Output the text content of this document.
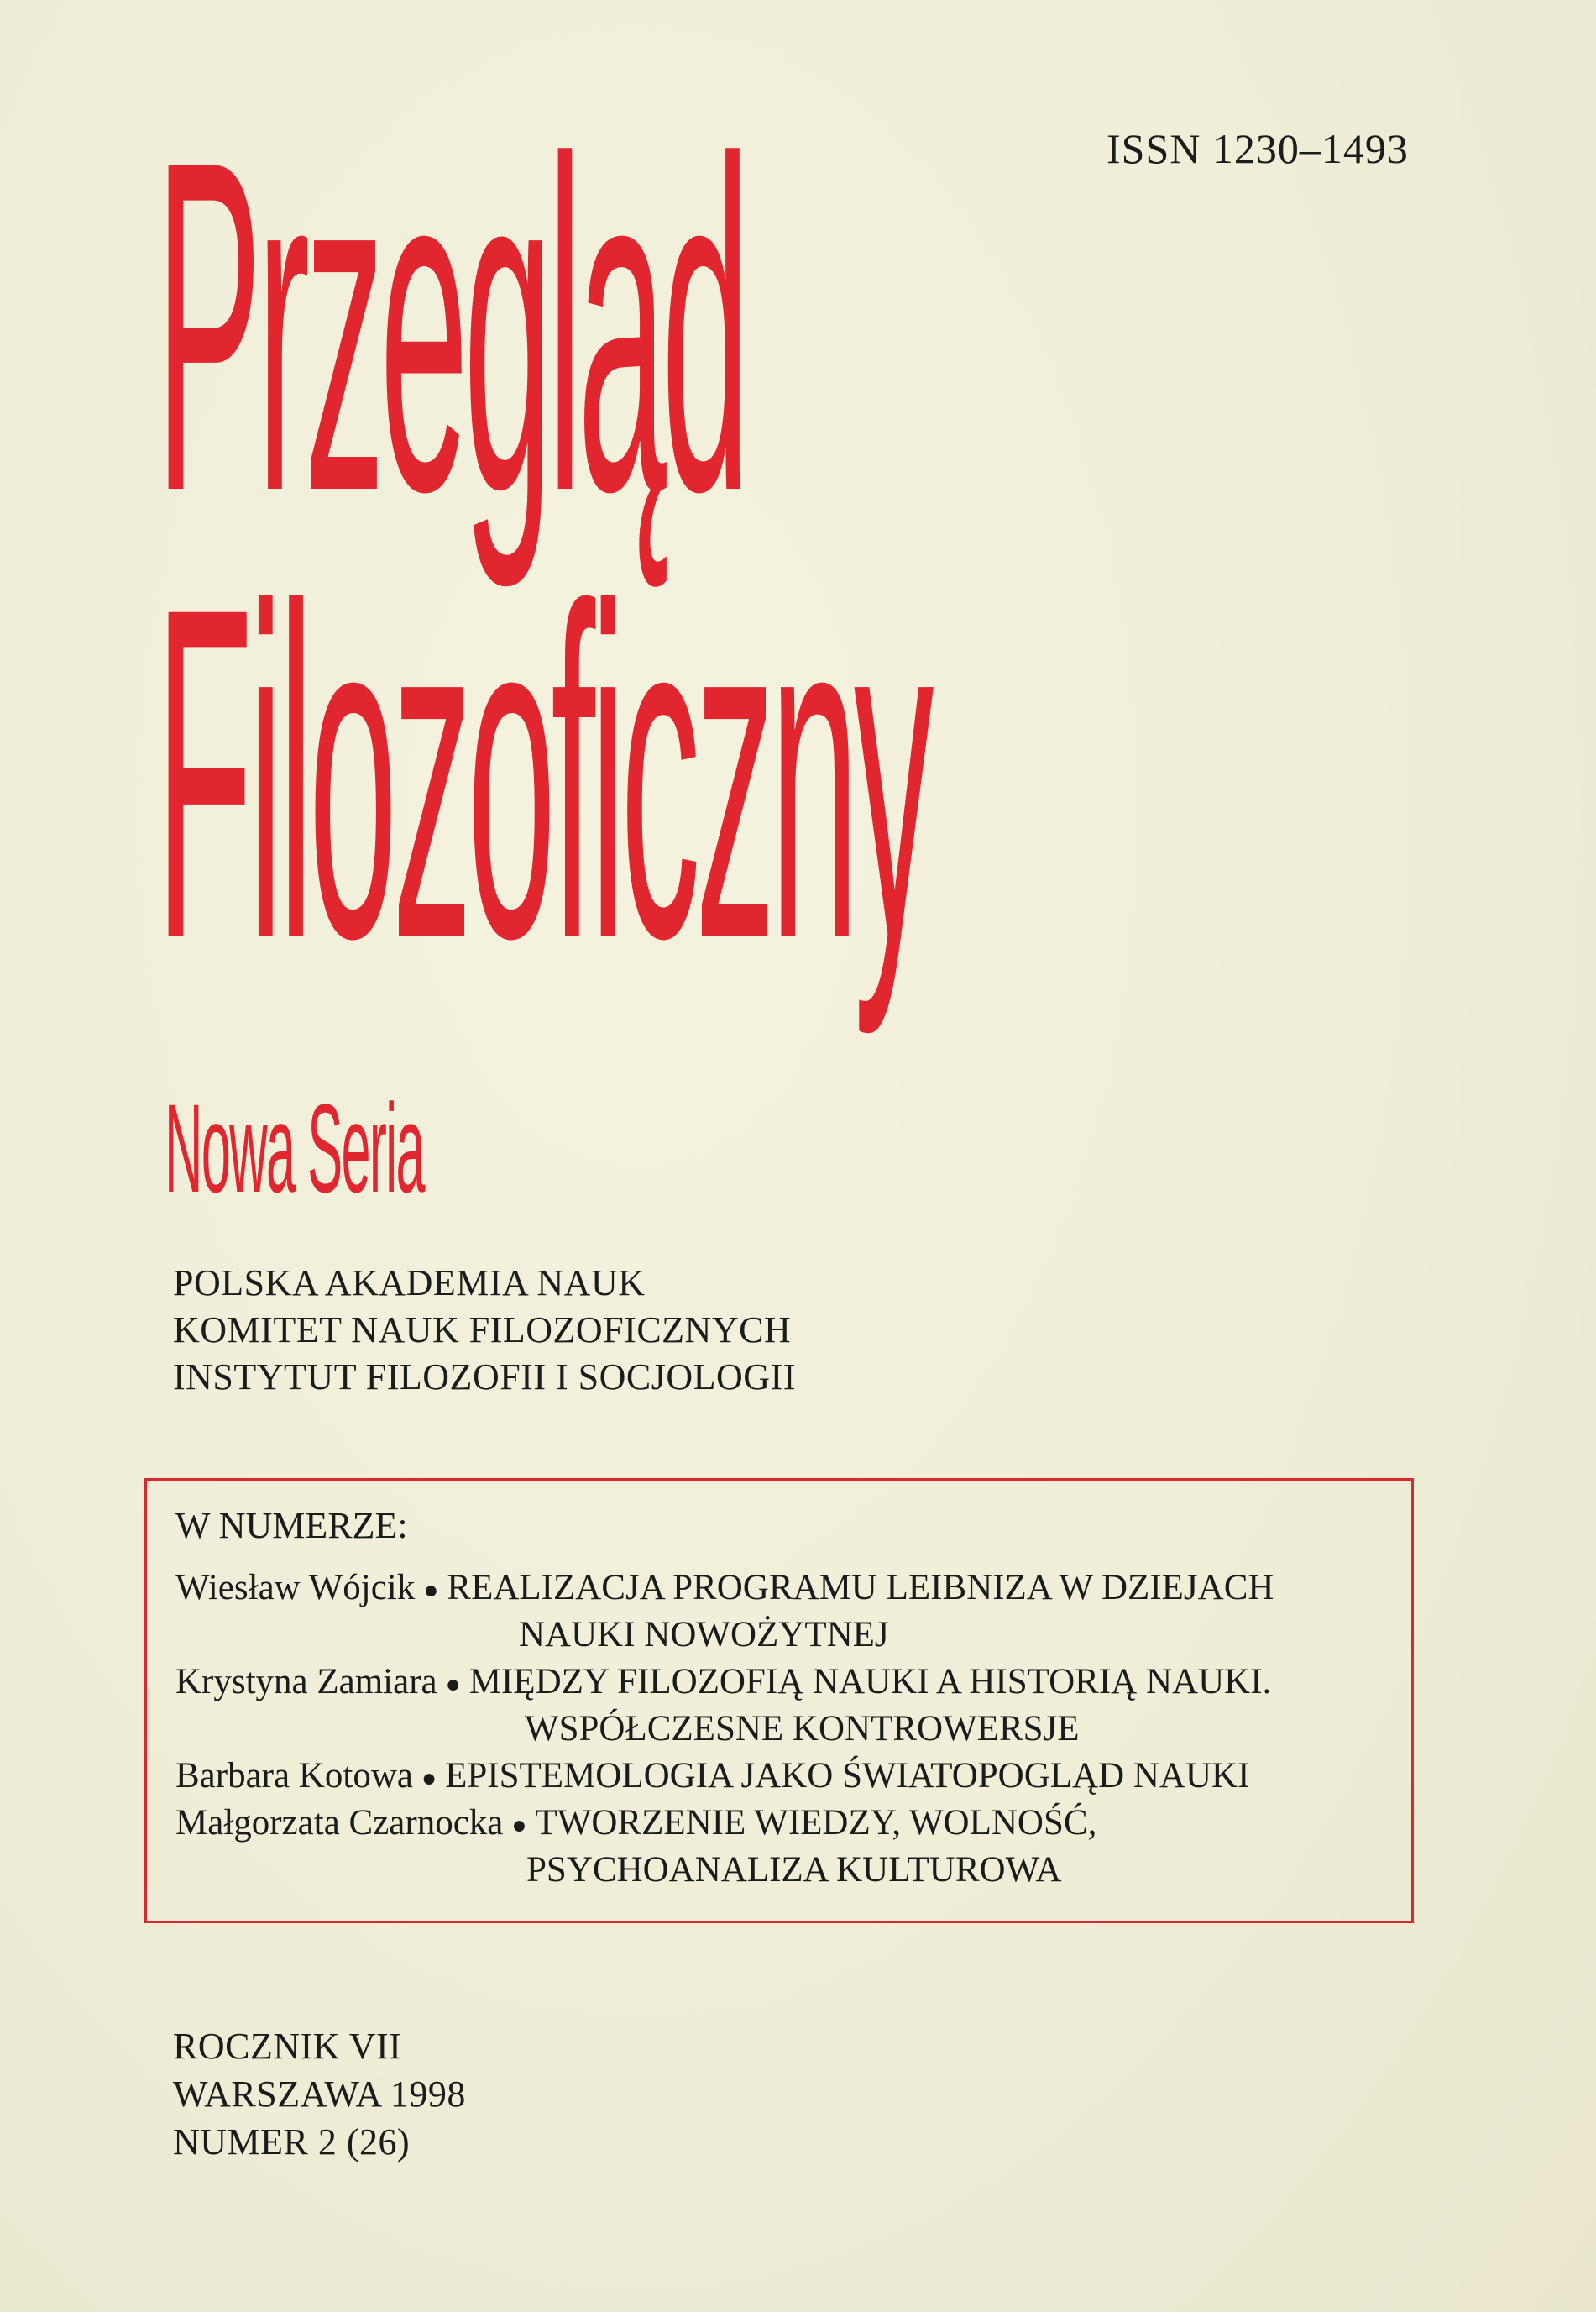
Przegląd
Filozoficzny
Nowa Seria
ISSN 1230–1493
POLSKA AKADEMIA NAUK
KOMITET NAUK FILOZOFICZNYCH
INSTYTUT FILOZOFII I SOCJOLOGII
W NUMERZE:
Wiesław Wójcik ● REALIZACJA PROGRAMU LEIBNIZA W DZIEJACH
NAUKI NOWOŻYTNEJ
Krystyna Zamiara ● MIĘDZY FILOZOFIĄ NAUKI A HISTORIĄ NAUKI.
WSPÓŁCZESNE KONTROWERSJE
Barbara Kotowa ● EPISTEMOLOGIA JAKO ŚWIATOPOGLĄD NAUKI
Małgorzata Czarnocka ● TWORZENIE WIEDZY, WOLNOŚĆ,
PSYCHOANALIZA KULTUROWA
ROCZNIK VII
WARSZAWA 1998
NUMER 2 (26)
